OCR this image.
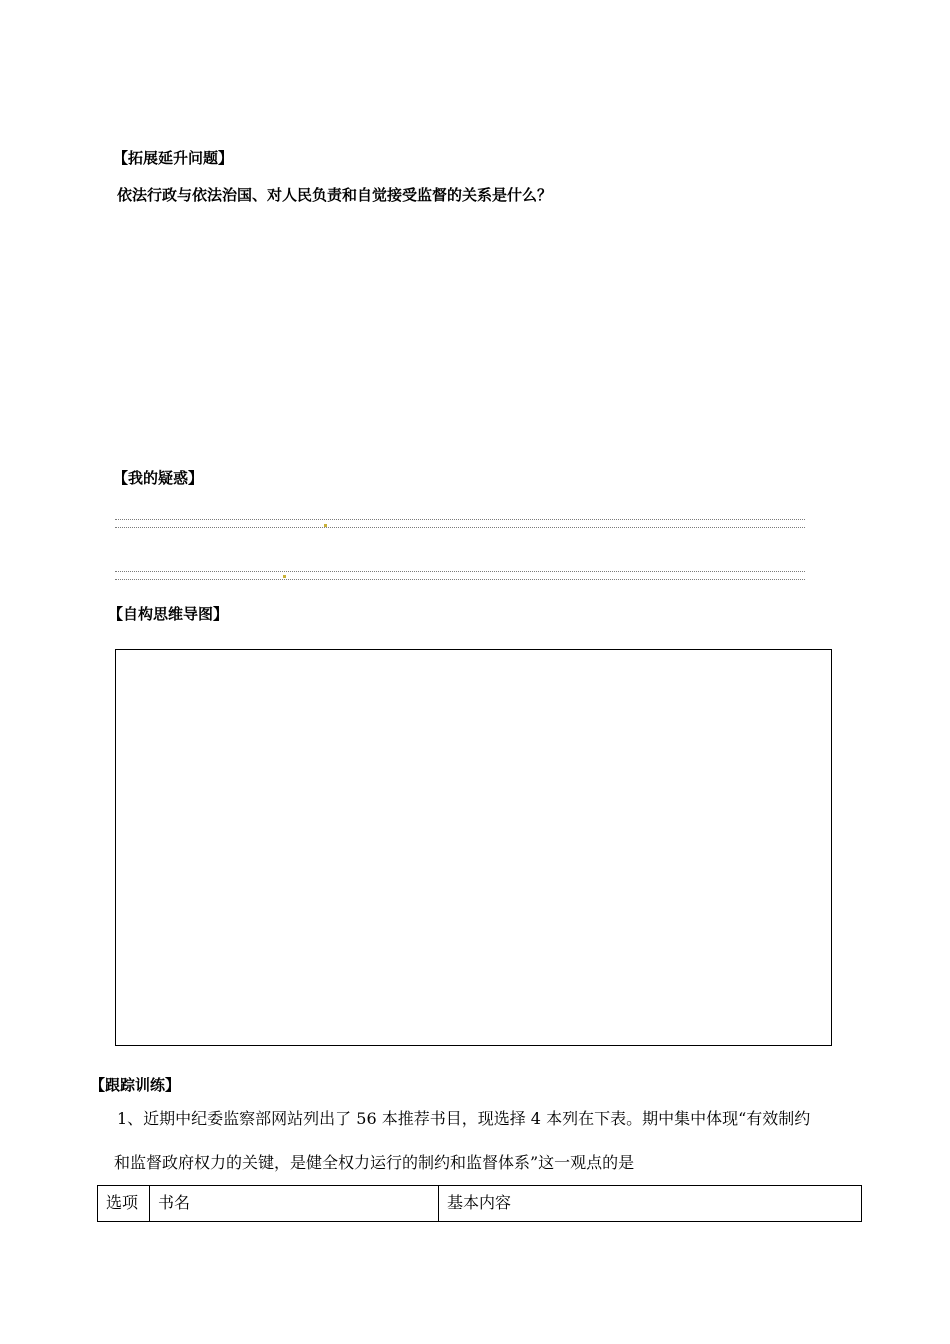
【拓展延升问题】
依法行政与依法治国、对人民负责和自觉接受监督的关系是什么？
【我的疑惑】
【自构思维导图】
【跟踪训练】
1、近期中纪委监察部网站列出了 56 本推荐书目，现选择 4 本列在下表。期中集中体现“有效制约
和监督政府权力的关键，是健全权力运行的制约和监督体系”这一观点的是
选项	书名	基本内容
